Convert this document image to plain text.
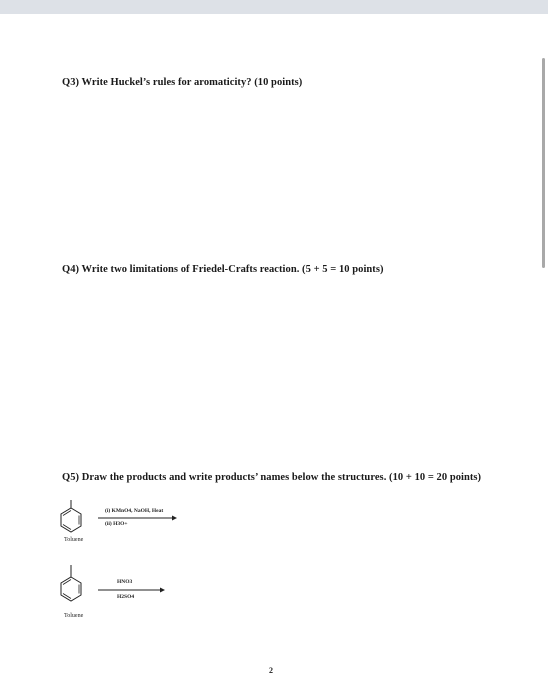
Q3) Write Huckel’s rules for aromaticity? (10 points)
Q4) Write two limitations of Friedel-Crafts reaction. (5 + 5 = 10 points)
Q5) Draw the products and write products’ names below the structures. (10 + 10 = 20 points)
Toluene
(i) KMnO4, NaOH, Heat
(ii) H3O+
Toluene
HNO3
H2SO4
2
